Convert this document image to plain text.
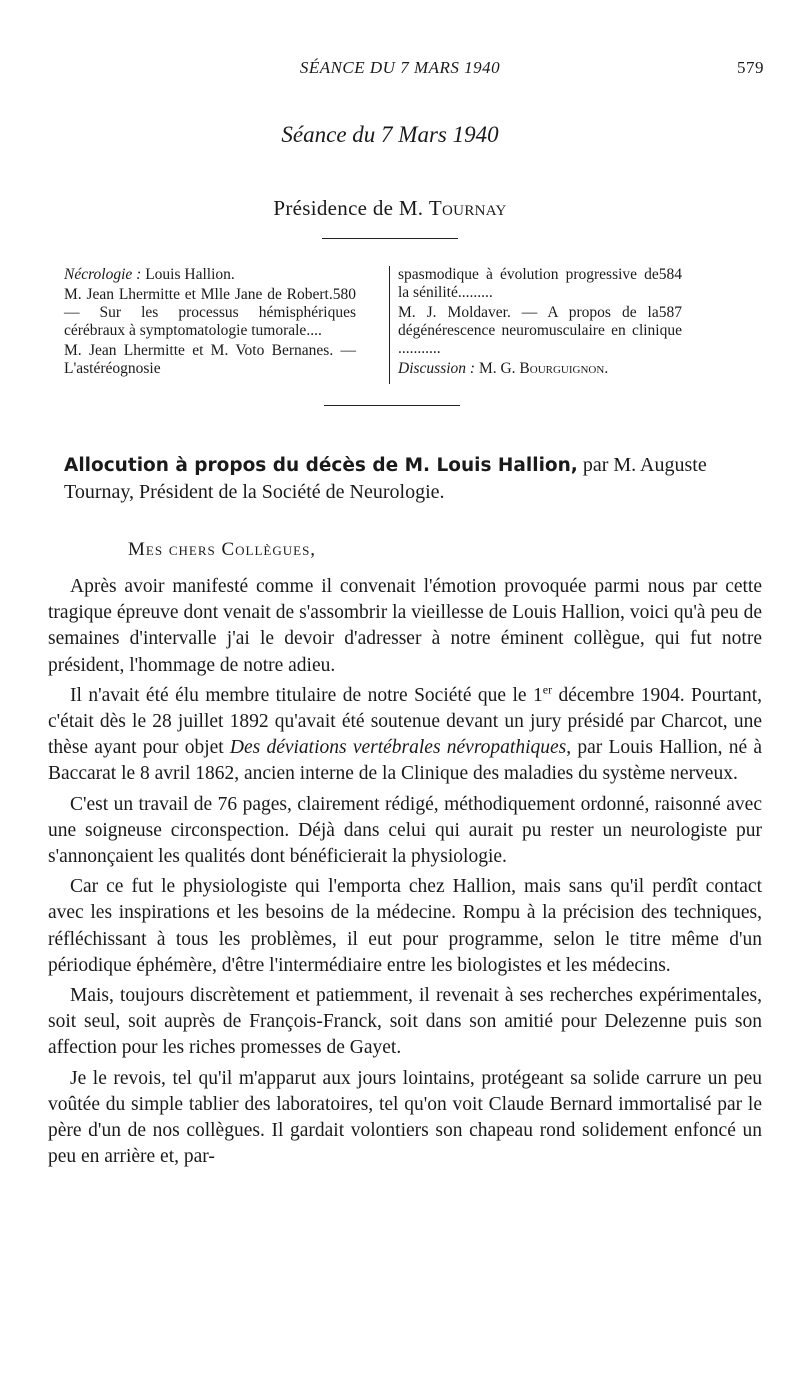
SÉANCE DU 7 MARS 1940	579
Séance du 7 Mars 1940
Présidence de M. Tournay

Nécrologie : Louis Hallion.

580
M. Jean Lhermitte et Mlle Jane de Robert. — Sur les processus hémisphériques cérébraux à symptomatologie tumorale....

M. Jean Lhermitte et M. Voto Bernanes. — L'astéréognosie

584
spasmodique à évolution progressive de la sénilité.........

587
M. J. Moldaver. — A propos de la dégénérescence neuromusculaire en clinique ...........

Discussion : M. G. Bourguignon.

Allocution à propos du décès de M. Louis Hallion, par M. Auguste Tournay, Président de la Société de Neurologie.
Mes chers Collègues,

Après avoir manifesté comme il convenait l'émotion provoquée parmi nous par cette tragique épreuve dont venait de s'assombrir la vieillesse de Louis Hallion, voici qu'à peu de semaines d'intervalle j'ai le devoir d'adresser à notre éminent collègue, qui fut notre président, l'hommage de notre adieu.

Il n'avait été élu membre titulaire de notre Société que le 1er décembre 1904. Pourtant, c'était dès le 28 juillet 1892 qu'avait été soutenue devant un jury présidé par Charcot, une thèse ayant pour objet Des déviations vertébrales névropathiques, par Louis Hallion, né à Baccarat le 8 avril 1862, ancien interne de la Clinique des maladies du système nerveux.

C'est un travail de 76 pages, clairement rédigé, méthodiquement ordonné, raisonné avec une soigneuse circonspection. Déjà dans celui qui aurait pu rester un neurologiste pur s'annonçaient les qualités dont bénéficierait la physiologie.

Car ce fut le physiologiste qui l'emporta chez Hallion, mais sans qu'il perdît contact avec les inspirations et les besoins de la médecine. Rompu à la précision des techniques, réfléchissant à tous les problèmes, il eut pour programme, selon le titre même d'un périodique éphémère, d'être l'intermédiaire entre les biologistes et les médecins.

Mais, toujours discrètement et patiemment, il revenait à ses recherches expérimentales, soit seul, soit auprès de François-Franck, soit dans son amitié pour Delezenne puis son affection pour les riches promesses de Gayet.

Je le revois, tel qu'il m'apparut aux jours lointains, protégeant sa solide carrure un peu voûtée du simple tablier des laboratoires, tel qu'on voit Claude Bernard immortalisé par le père d'un de nos collègues. Il gardait volontiers son chapeau rond solidement enfoncé un peu en arrière et, par-
